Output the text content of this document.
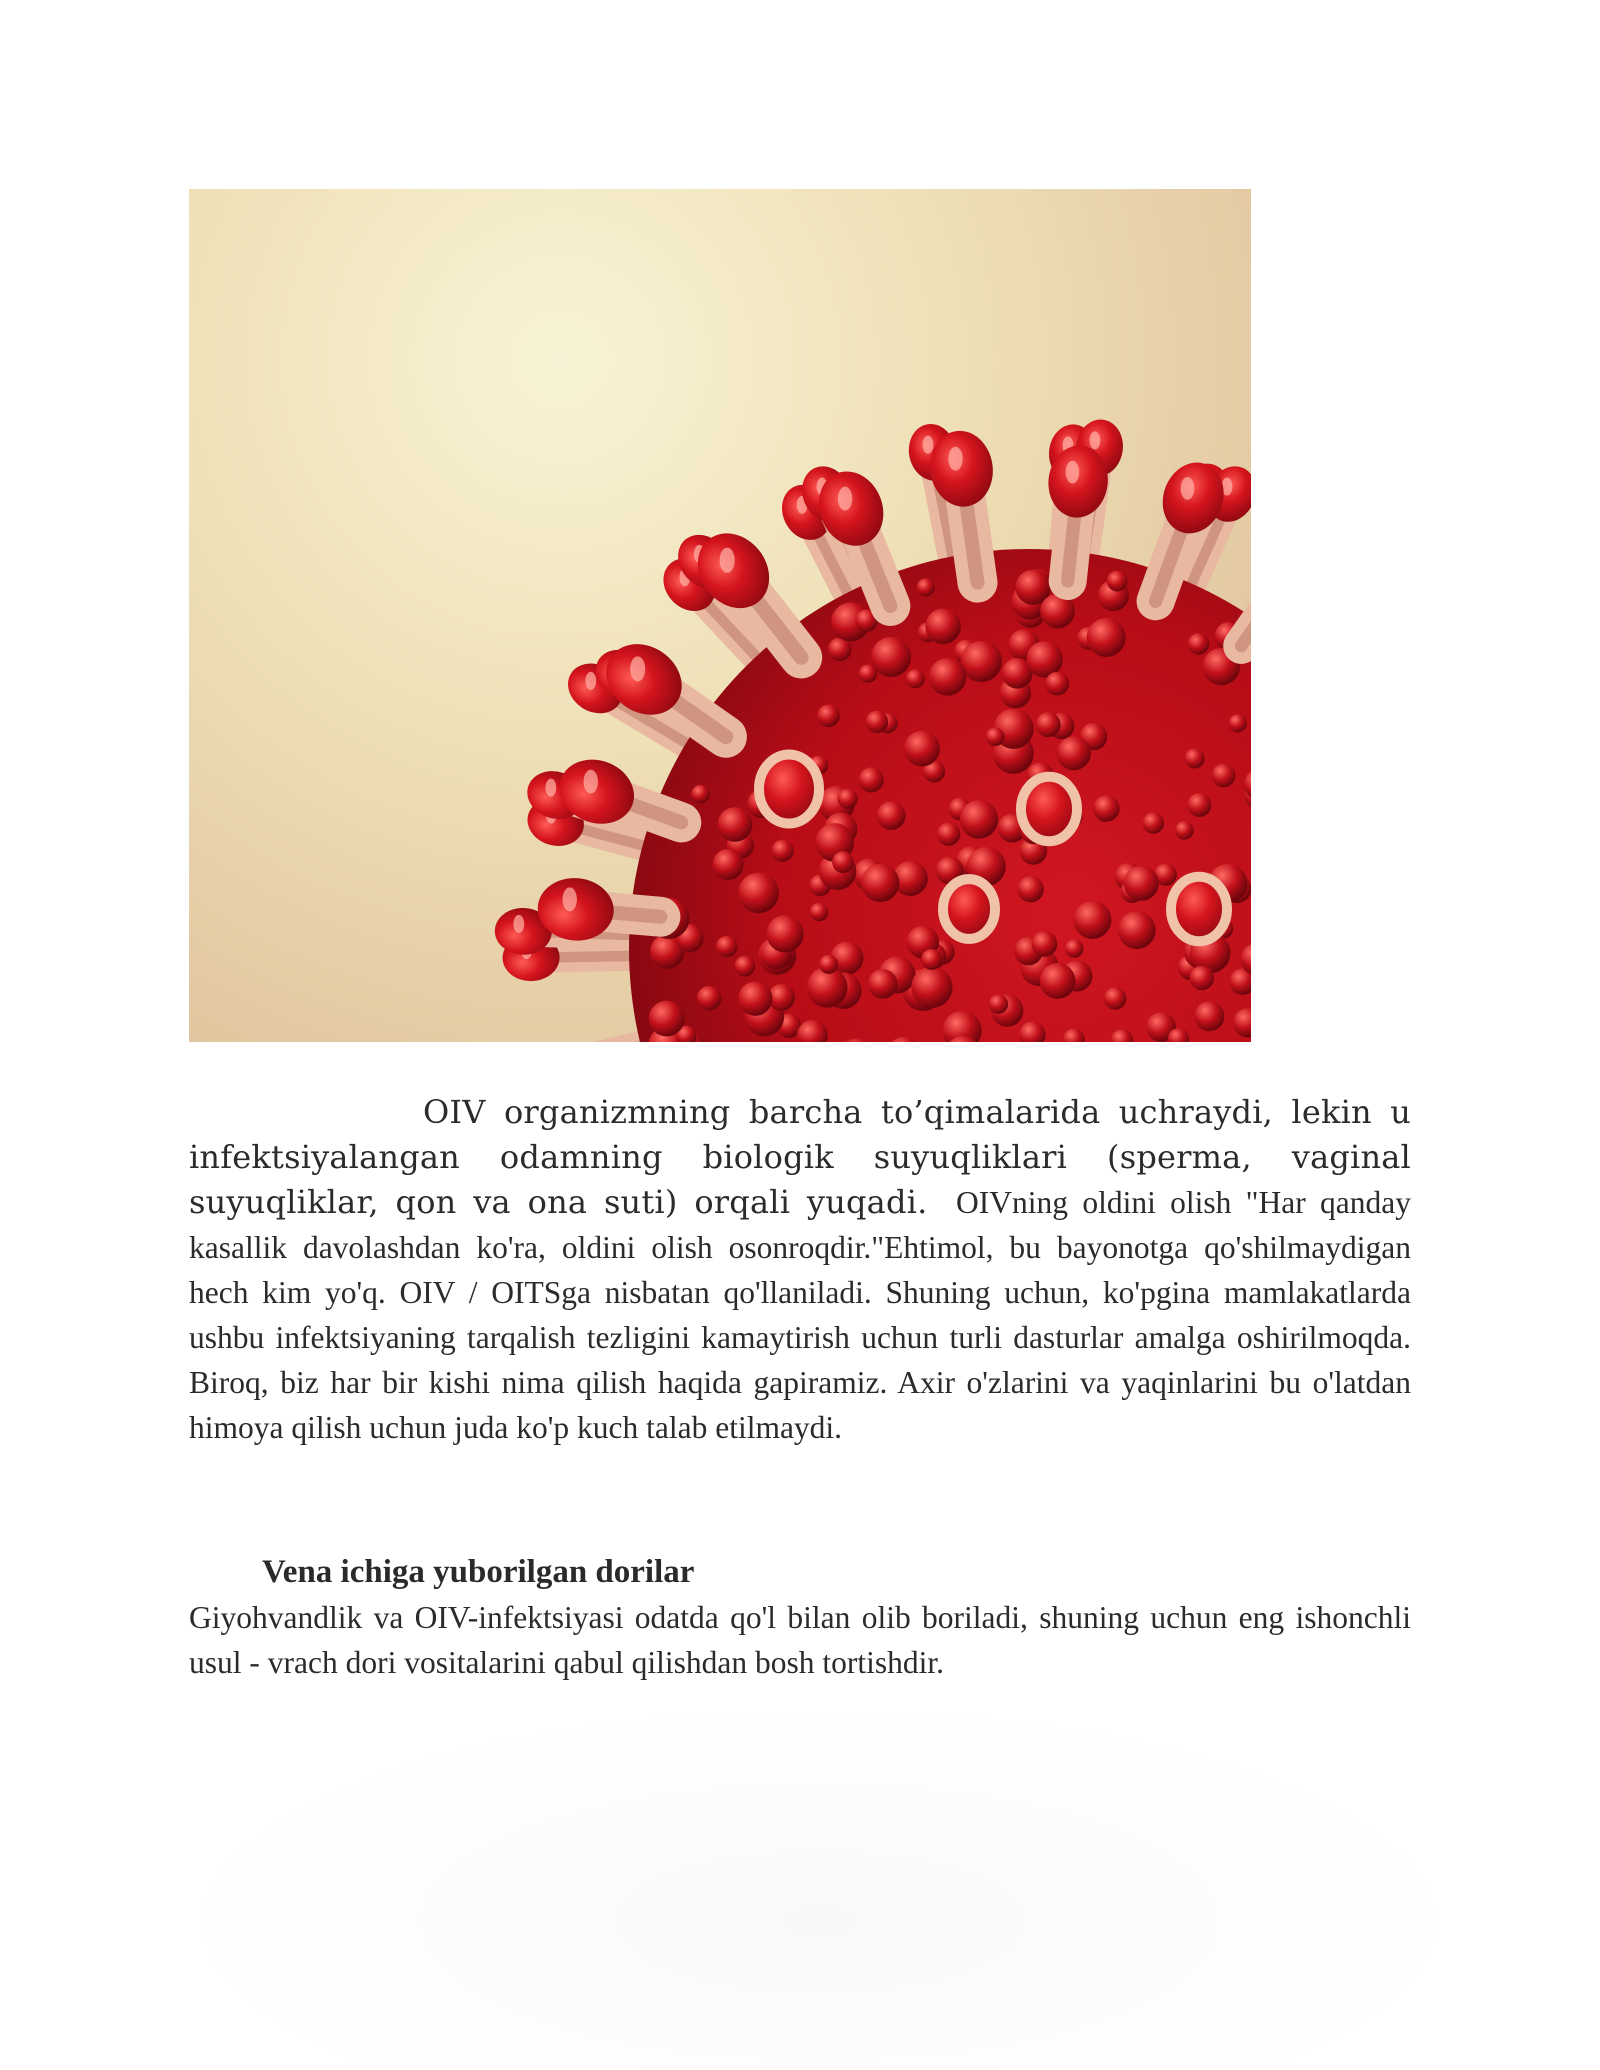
OIV organizmning barcha to’qimalarida uchraydi, lekin u infektsiyalangan odamning biologik suyuqliklari (sperma, vaginal suyuqliklar, qon va ona suti) orqali yuqadi. OIVning oldini olish "Har qanday kasallik davolashdan ko'ra, oldini olish osonroqdir."Ehtimol, bu bayonotga qo'shilmaydigan hech kim yo'q. OIV / OITSga nisbatan qo'llaniladi. Shuning uchun, ko'pgina mamlakatlarda ushbu infektsiyaning tarqalish tezligini kamaytirish uchun turli dasturlar amalga oshirilmoqda. Biroq, biz har bir kishi nima qilish haqida gapiramiz. Axir o'zlarini va yaqinlarini bu o'latdan himoya qilish uchun juda ko'p kuch talab etilmaydi.

Vena ichiga yuborilgan dorilar

Giyohvandlik va OIV-infektsiyasi odatda qo'l bilan olib boriladi, shuning uchun eng ishonchli usul - vrach dori vositalarini qabul qilishdan bosh tortishdir.
